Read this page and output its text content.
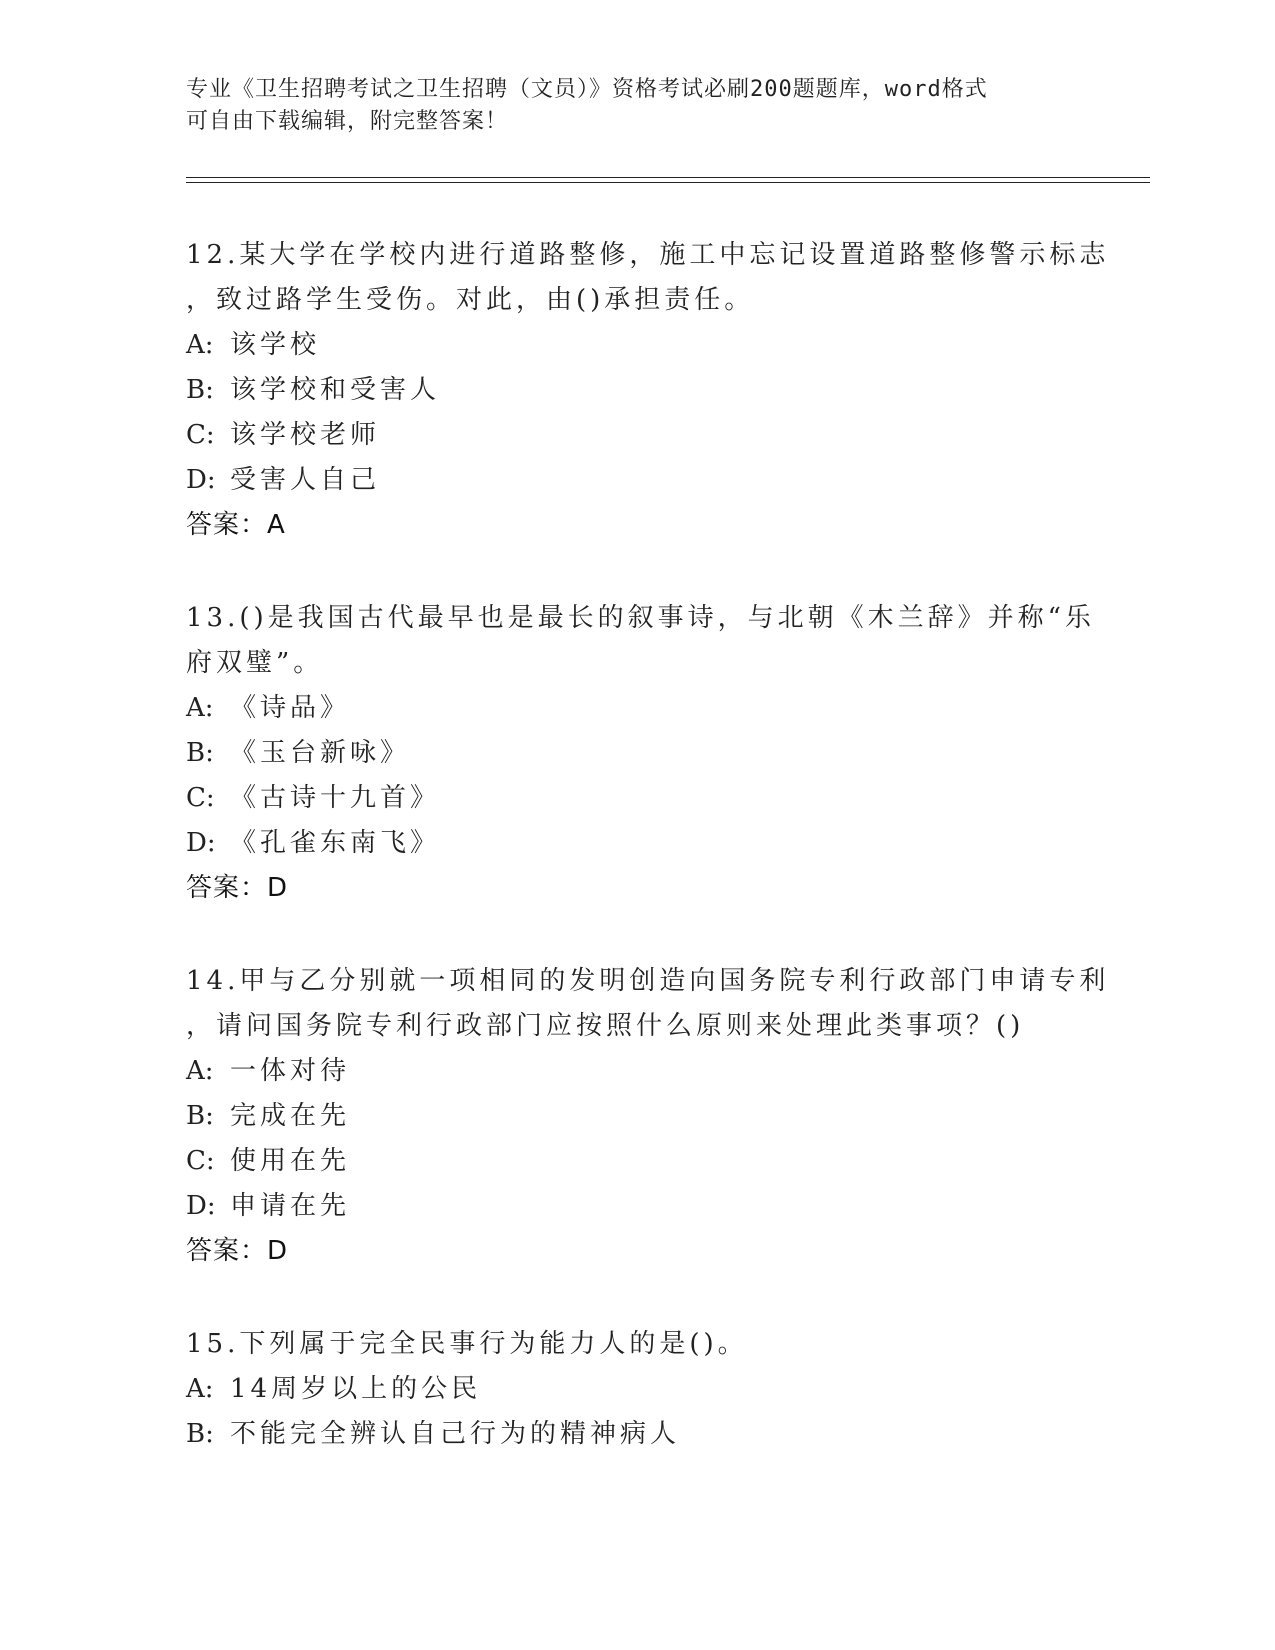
专业《卫生招聘考试之卫生招聘（文员）》资格考试必刷200题题库，word格式
可自由下载编辑，附完整答案！
12.某大学在学校内进行道路整修，施工中忘记设置道路整修警示标志
，致过路学生受伤。对此，由()承担责任。
A: 该学校
B: 该学校和受害人
C: 该学校老师
D: 受害人自己
答案：A
13.()是我国古代最早也是最长的叙事诗，与北朝《木兰辞》并称“乐
府双璧”。
A: 《诗品》
B: 《玉台新咏》
C: 《古诗十九首》
D: 《孔雀东南飞》
答案：D
14.甲与乙分别就一项相同的发明创造向国务院专利行政部门申请专利
，请问国务院专利行政部门应按照什么原则来处理此类事项？()
A: 一体对待
B: 完成在先
C: 使用在先
D: 申请在先
答案：D
15.下列属于完全民事行为能力人的是()。
A: 14周岁以上的公民
B: 不能完全辨认自己行为的精神病人
